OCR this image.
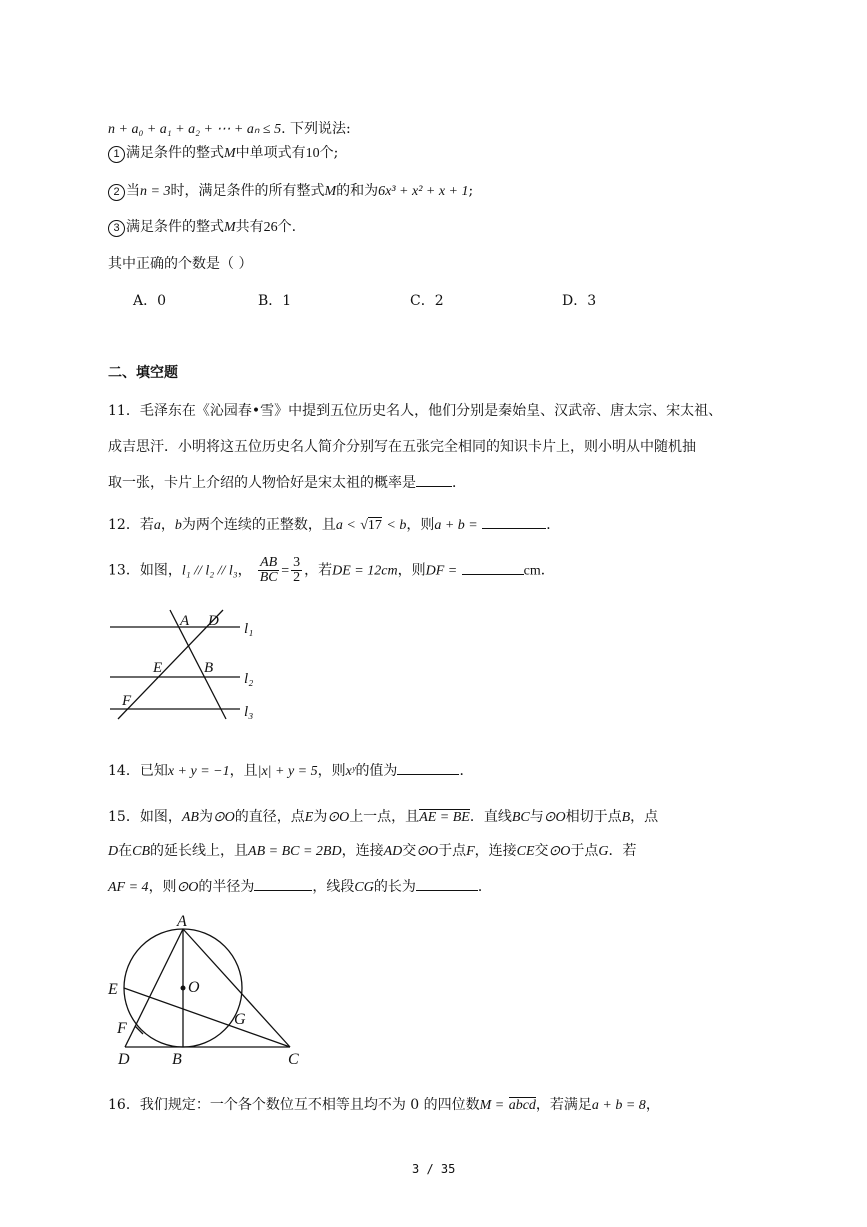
n + a₀ + a₁ + a₂ + ⋯ + aₙ ≤ 5. 下列说法:
1 满足条件的整式M中单项式有10个;
2 当n = 3时，满足条件的所有整式M的和为6x³ + x² + x + 1;
3 满足条件的整式M共有26个.
其中正确的个数是（ ）
A．0	B．1	C．2	D．3
二、填空题
11．毛泽东在《沁园春•雪》中提到五位历史名人，他们分别是秦始皇、汉武帝、唐太宗、宋太祖、
成吉思汗．小明将这五位历史名人简介分别写在五张完全相同的知识卡片上，则小明从中随机抽
取一张，卡片上介绍的人物恰好是宋太祖的概率是	．
12．若a，b为两个连续的正整数，且a < √17 < b，则a + b =	．
13．如图，l₁ // l₂ // l₃， $\frac{AB}{BC} = \frac{3}{2}$ ，若DE = 12cm，则DF =	cm．
A D
E	B
F
l₁
l₂
l₃
14．已知x + y = −1，且|x| + y = 5，则xʸ的值为	．
15．如图，AB为⊙O的直径，点E为⊙O上一点，且AE = BE．直线BC与⊙O相切于点B，点
D在CB的延长线上，且AB = BC = 2BD，连接AD交⊙O于点F，连接CE交⊙O于点G．若
AF = 4，则⊙O的半径为	，线段CG的长为	．
A
O
E
G
F
D	B	C
16．我们规定：一个各个数位互不相等且均不为 0 的四位数M = abcd，若满足a + b = 8，
3 / 35
